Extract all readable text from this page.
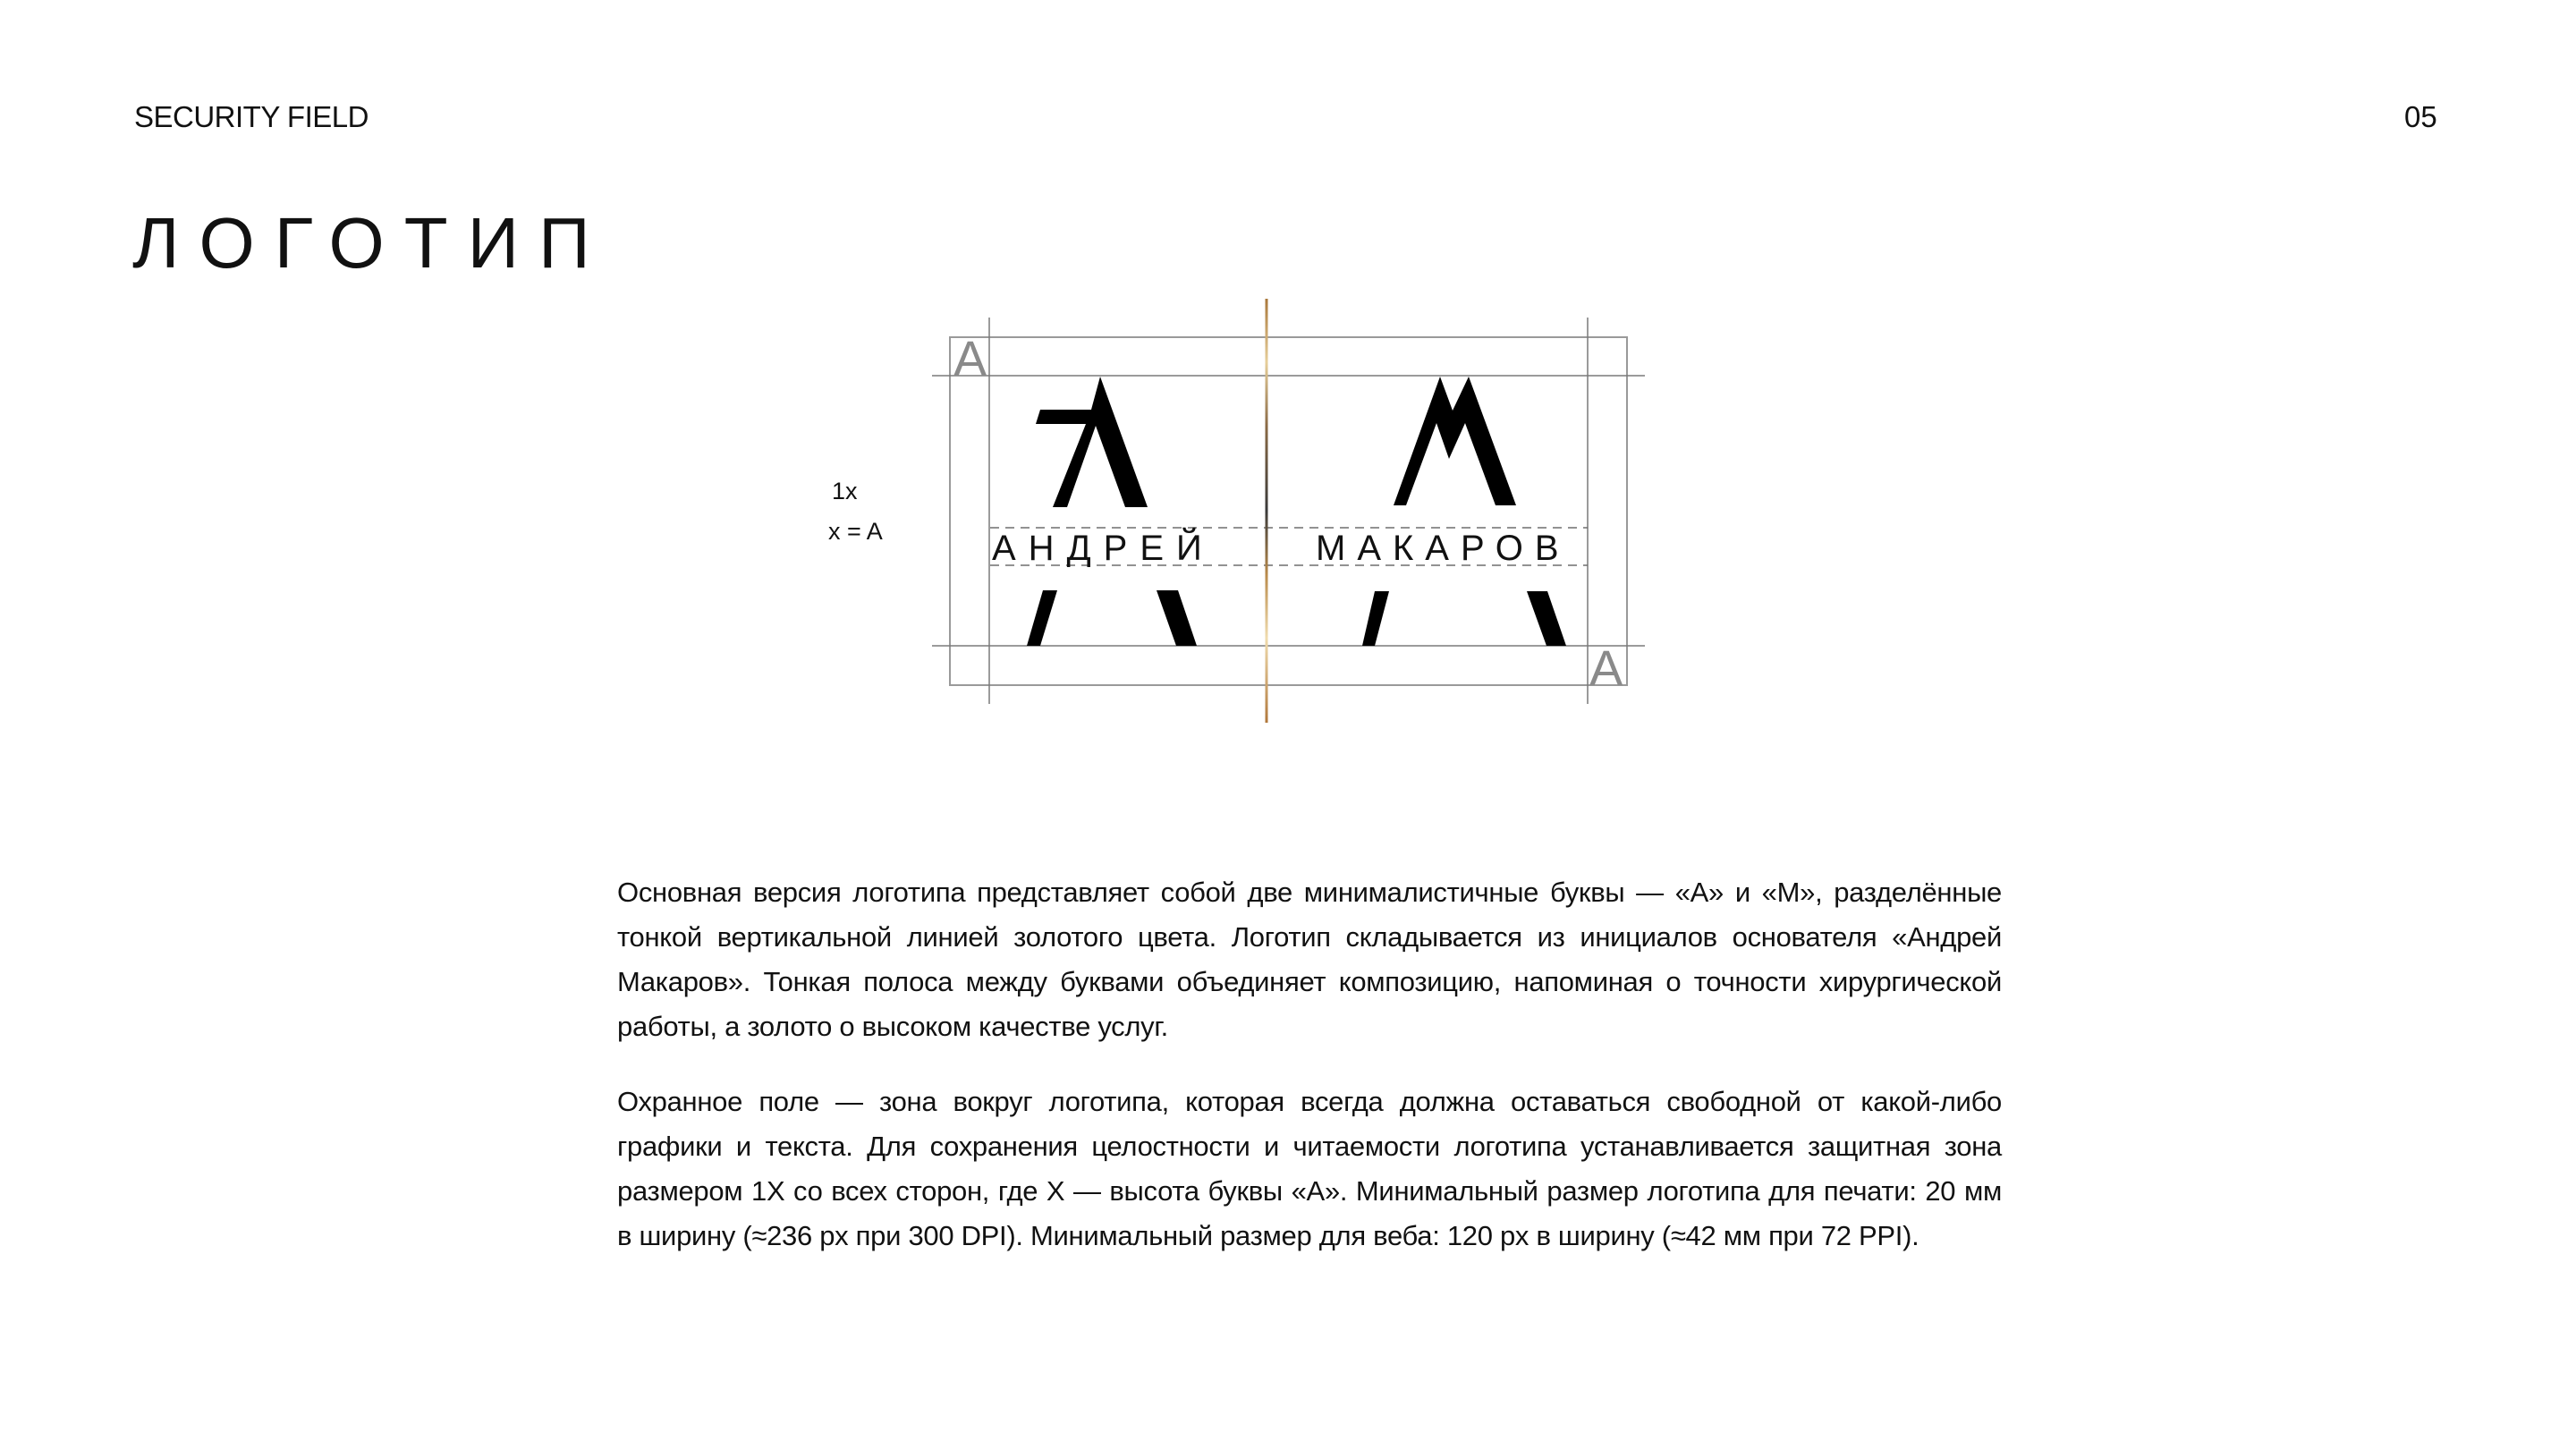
SECURITY FIELD	05
ЛОГОТИП
1x
x = A
A
A
АНДРЕЙ	МАКАРОВ

Основная версия логотипа представляет собой две минималистичные буквы — «А» и «М», разделённые тонкой вертикальной линией золотого цвета. Логотип складывается из инициалов основателя «Андрей Макаров». Тонкая полоса между буквами объединяет композицию, напоминая о точности хирургической работы, а золото о высоком качестве услуг.

Охранное поле — зона вокруг логотипа, которая всегда должна оставаться свободной от какой-либо графики и текста. Для сохранения целостности и читаемости логотипа устанавливается защитная зона размером 1X со всех сторон, где X — высота буквы «А». Минимальный размер логотипа для печати: 20 мм в ширину (≈236 px при 300 DPI). Минимальный размер для веба: 120 px в ширину (≈42 мм при 72 PPI).
